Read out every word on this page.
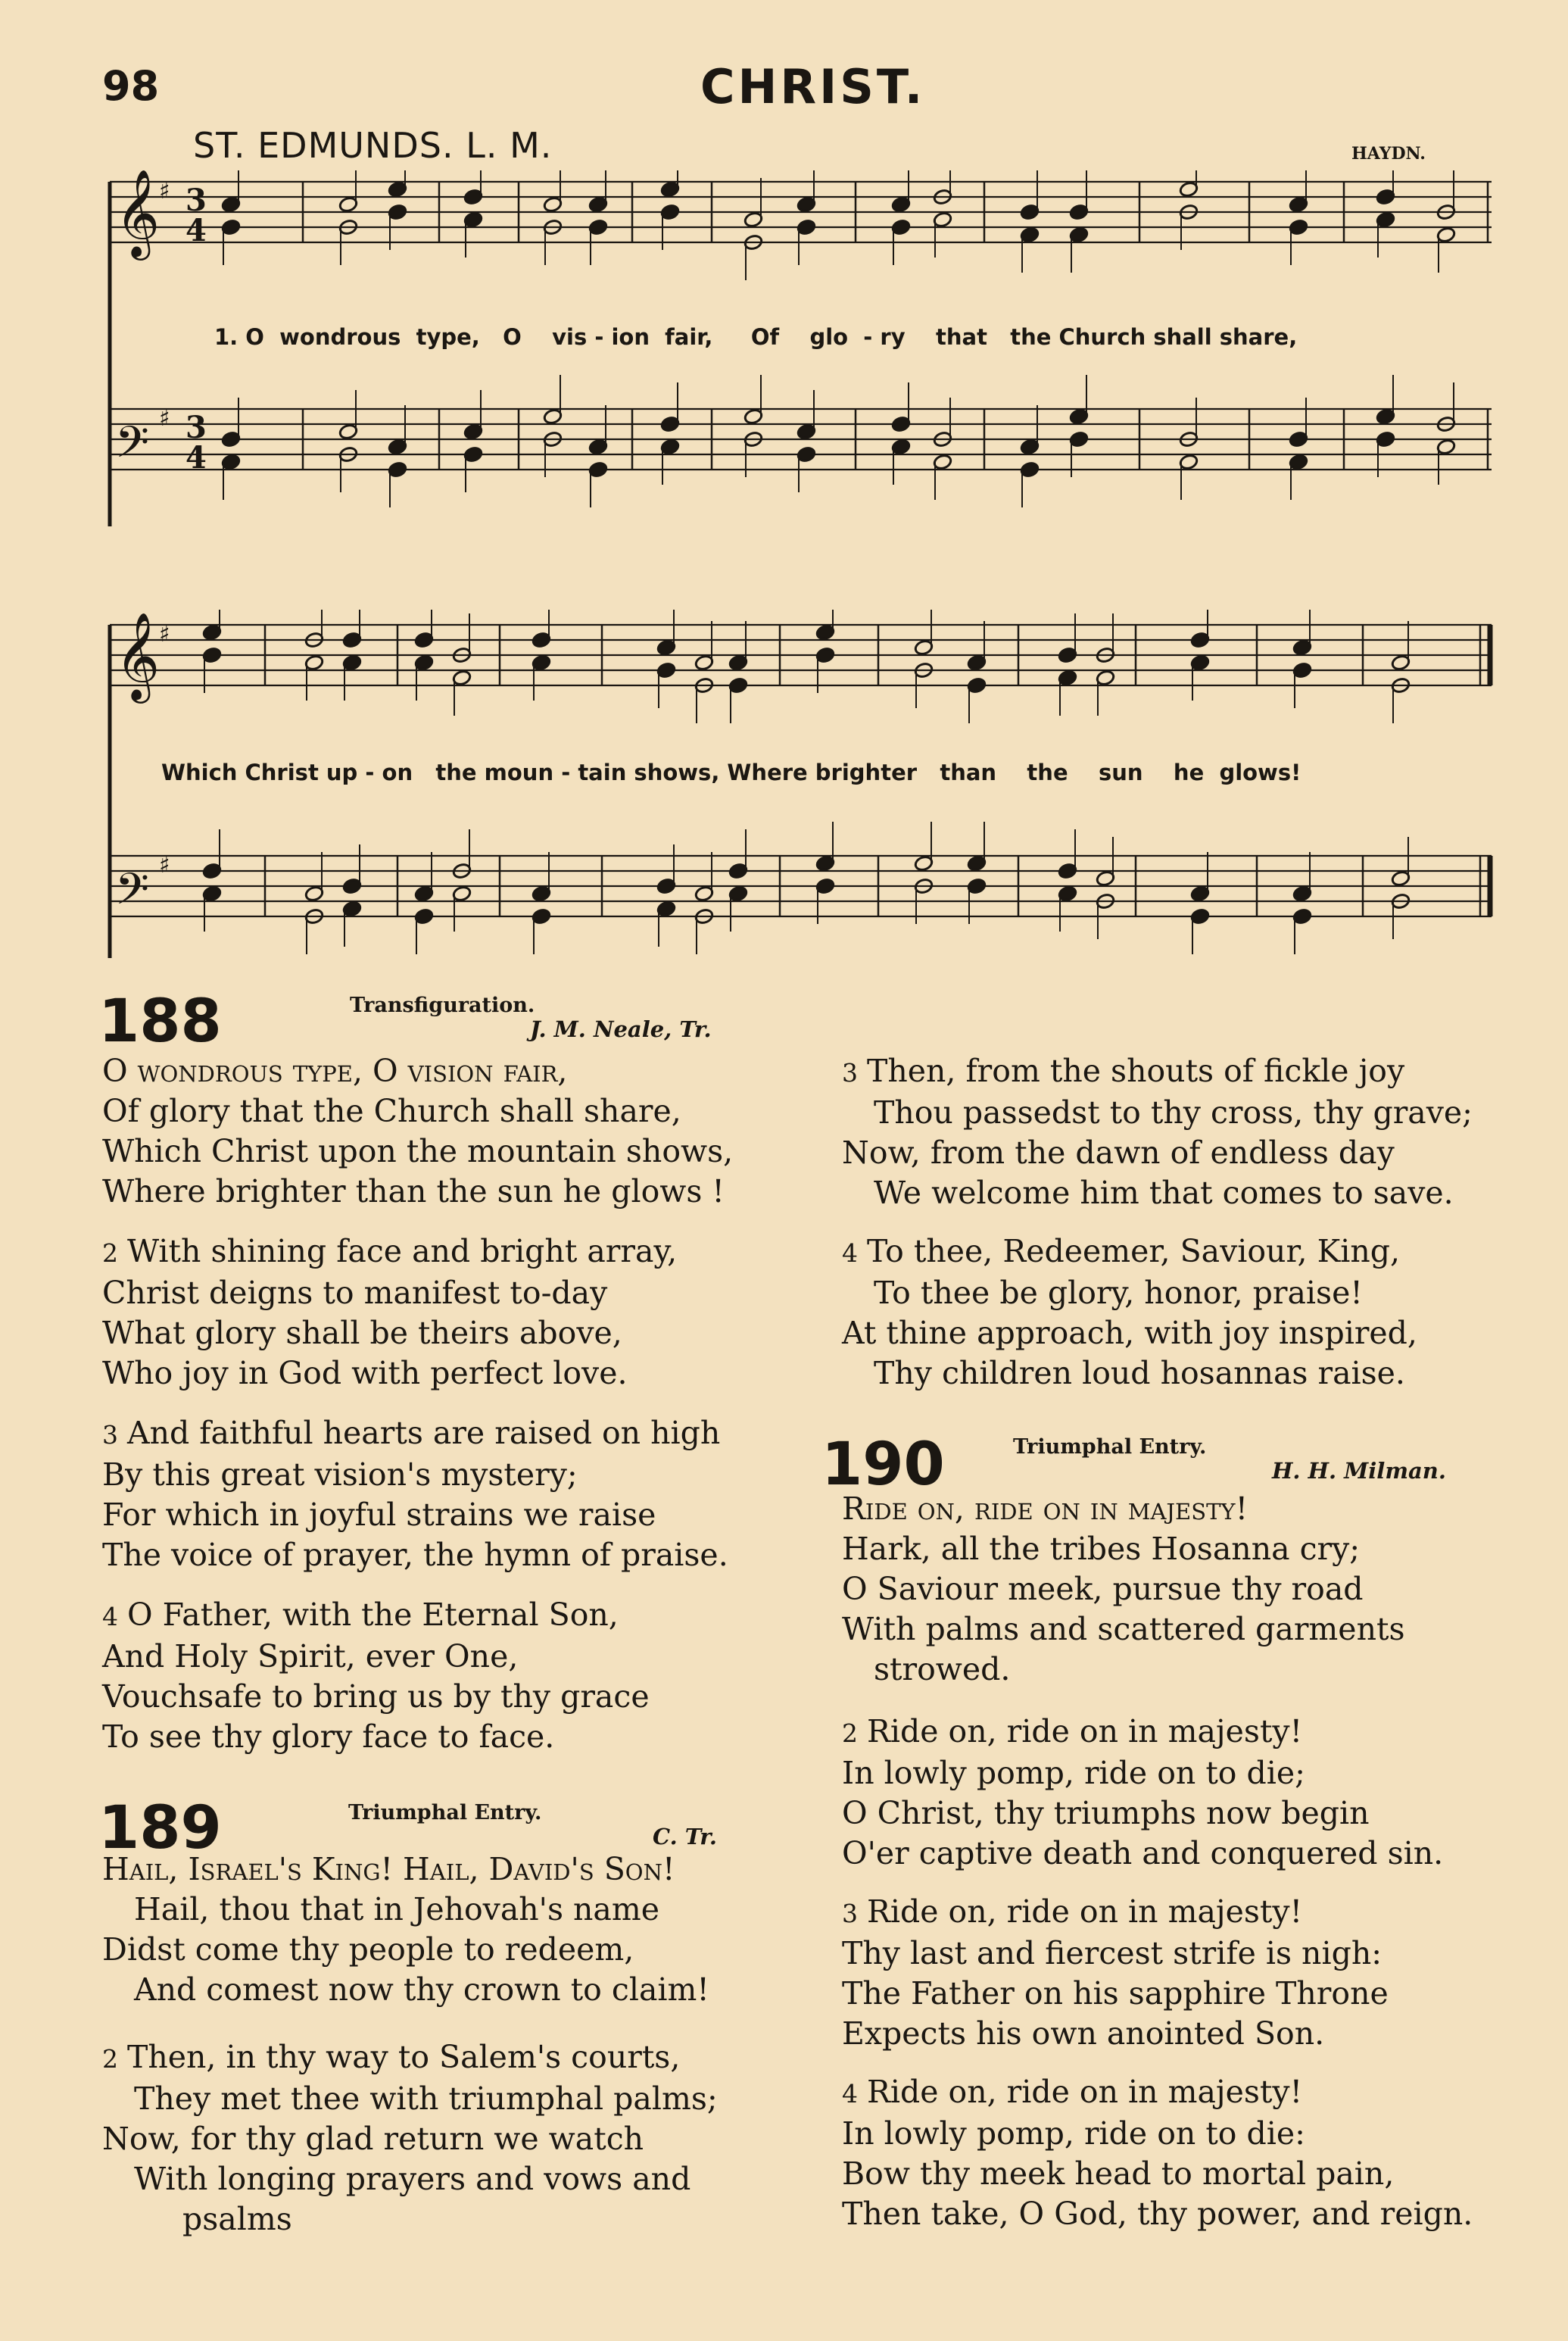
98	CHRIST.
ST. EDMUNDS. L. M.	HAYDN.
𝄞
♯ 3
4
𝄢 ♯ 3
4
1. O  wondrous  type,   O    vis - ion  fair,     Of    glo  - ry    that   the Church shall share,
𝄞
♯
𝄢 ♯
Which Christ up - on   the moun - tain shows, Where brighter   than    the    sun    he  glows!
188	Transfiguration.
J. M. Neale, Tr.
O wondrous type, O vision fair,
Of glory that the Church shall share,
Which Christ upon the mountain shows,
Where brighter than the sun he glows !
2 With shining face and bright array,
Christ deigns to manifest to-day
What glory shall be theirs above,
Who joy in God with perfect love.
3 And faithful hearts are raised on high
By this great vision's mystery;
For which in joyful strains we raise
The voice of prayer, the hymn of praise.
4 O Father, with the Eternal Son,
And Holy Spirit, ever One,
Vouchsafe to bring us by thy grace
To see thy glory face to face.
189	Triumphal Entry.
C. Tr.
Hail, Israel's King! Hail, David's Son!
Hail, thou that in Jehovah's name
Didst come thy people to redeem,
And comest now thy crown to claim!
2 Then, in thy way to Salem's courts,
They met thee with triumphal palms;
Now, for thy glad return we watch
With longing prayers and vows and
psalms
3 Then, from the shouts of fickle joy
Thou passedst to thy cross, thy grave;
Now, from the dawn of endless day
We welcome him that comes to save.
4 To thee, Redeemer, Saviour, King,
To thee be glory, honor, praise!
At thine approach, with joy inspired,
Thy children loud hosannas raise.
190	Triumphal Entry.
H. H. Milman.
Ride on, ride on in majesty!
Hark, all the tribes Hosanna cry;
O Saviour meek, pursue thy road
With palms and scattered garments
strowed.
2 Ride on, ride on in majesty!
In lowly pomp, ride on to die;
O Christ, thy triumphs now begin
O'er captive death and conquered sin.
3 Ride on, ride on in majesty!
Thy last and fiercest strife is nigh:
The Father on his sapphire Throne
Expects his own anointed Son.
4 Ride on, ride on in majesty!
In lowly pomp, ride on to die:
Bow thy meek head to mortal pain,
Then take, O God, thy power, and reign.
